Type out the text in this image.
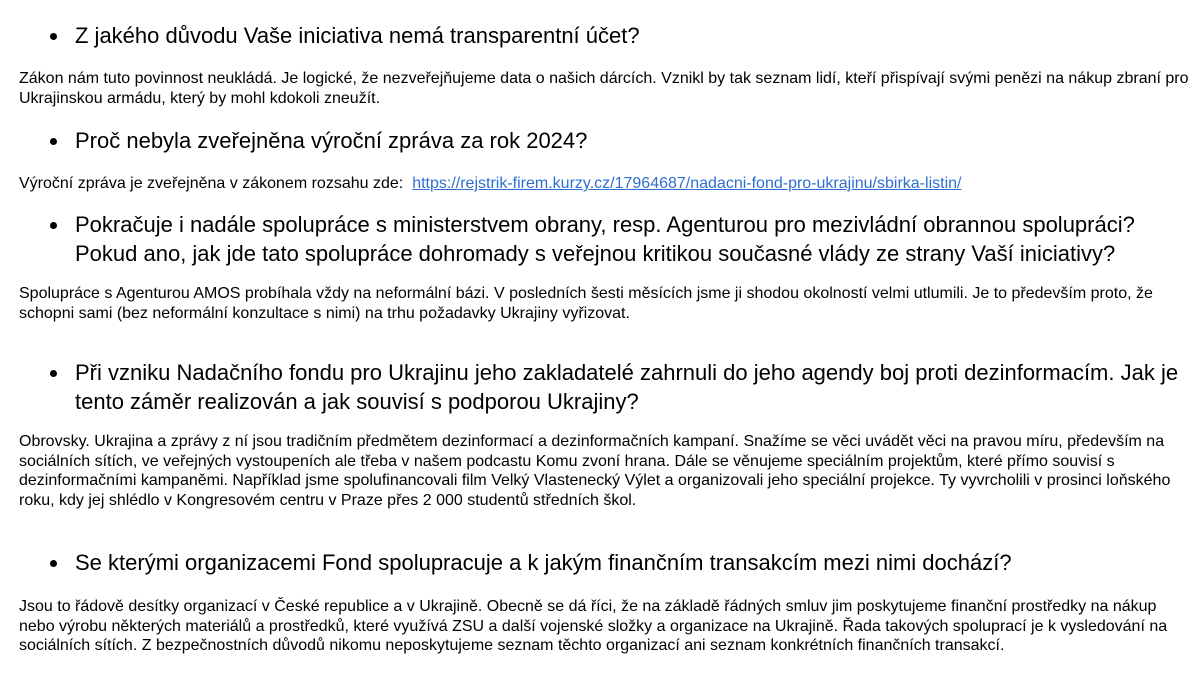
Z jakého důvodu Vaše iniciativa nemá transparentní účet?

Zákon nám tuto povinnost neukládá. Je logické, že nezveřejňujeme data o našich dárcích. Vznikl by tak seznam lidí, kteří přispívají svými penězi na nákup zbraní pro Ukrajinskou armádu, který by mohl kdokoli zneužít.

Proč nebyla zveřejněna výroční zpráva za rok 2024?

Výroční zpráva je zveřejněna v zákonem rozsahu zde: https://rejstrik-firem.kurzy.cz/17964687/nadacni-fond-pro-ukrajinu/sbirka-listin/

Pokračuje i nadále spolupráce s ministerstvem obrany, resp. Agenturou pro mezivládní obrannou spolupráci? Pokud ano, jak jde tato spolupráce dohromady s veřejnou kritikou současné vlády ze strany Vaší iniciativy?

Spolupráce s Agenturou AMOS probíhala vždy na neformální bázi. V posledních šesti měsících jsme ji shodou okolností velmi utlumili. Je to především proto, že schopni sami (bez neformální konzultace s nimi) na trhu požadavky Ukrajiny vyřizovat.

Při vzniku Nadačního fondu pro Ukrajinu jeho zakladatelé zahrnuli do jeho agendy boj proti dezinformacím. Jak je tento záměr realizován a jak souvisí s podporou Ukrajiny?

Obrovsky. Ukrajina a zprávy z ní jsou tradičním předmětem dezinformací a dezinformačních kampaní. Snažíme se věci uvádět věci na pravou míru, především na sociálních sítích, ve veřejných vystoupeních ale třeba v našem podcastu Komu zvoní hrana. Dále se věnujeme speciálním projektům, které přímo souvisí s dezinformačními kampaněmi. Například jsme spolufinancovali film Velký Vlastenecký Výlet a organizovali jeho speciální projekce. Ty vyvrcholili v prosinci loňského roku, kdy jej shlédlo v Kongresovém centru v Praze přes 2 000 studentů středních škol.

Se kterými organizacemi Fond spolupracuje a k jakým finančním transakcím mezi nimi dochází?

Jsou to řádově desítky organizací v České republice a v Ukrajině. Obecně se dá říci, že na základě řádných smluv jim poskytujeme finanční prostředky na nákup nebo výrobu některých materiálů a prostředků, které využívá ZSU a další vojenské složky a organizace na Ukrajině. Řada takových spoluprací je k vysledování na sociálních sítích. Z bezpečnostních důvodů nikomu neposkytujeme seznam těchto organizací ani seznam konkrétních finančních transakcí.
